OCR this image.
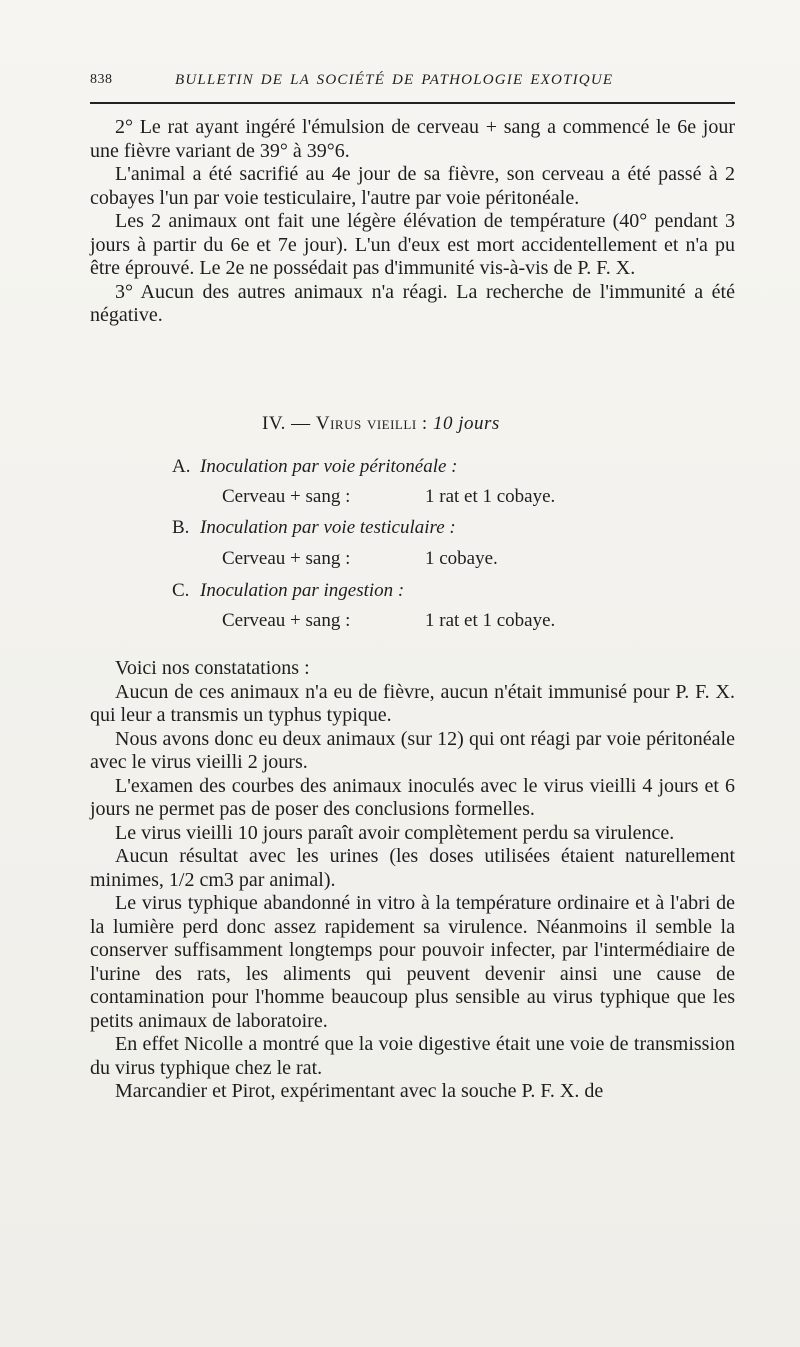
838	BULLETIN DE LA SOCIÉTÉ DE PATHOLOGIE EXOTIQUE

2° Le rat ayant ingéré l'émulsion de cerveau + sang a commencé le 6e jour une fièvre variant de 39° à 39°6.

L'animal a été sacrifié au 4e jour de sa fièvre, son cerveau a été passé à 2 cobayes l'un par voie testiculaire, l'autre par voie péritonéale.

Les 2 animaux ont fait une légère élévation de température (40° pendant 3 jours à partir du 6e et 7e jour). L'un d'eux est mort accidentellement et n'a pu être éprouvé. Le 2e ne possédait pas d'immunité vis-à-vis de P. F. X.

3° Aucun des autres animaux n'a réagi. La recherche de l'immunité a été négative.

IV. — Virus vieilli : 10 jours
A. Inoculation par voie péritonéale :
Cerveau + sang :	1 rat et 1 cobaye.
B. Inoculation par voie testiculaire :
Cerveau + sang :	1 cobaye.
C. Inoculation par ingestion :
Cerveau + sang :	1 rat et 1 cobaye.

Voici nos constatations :

Aucun de ces animaux n'a eu de fièvre, aucun n'était immunisé pour P. F. X. qui leur a transmis un typhus typique.

Nous avons donc eu deux animaux (sur 12) qui ont réagi par voie péritonéale avec le virus vieilli 2 jours.

L'examen des courbes des animaux inoculés avec le virus vieilli 4 jours et 6 jours ne permet pas de poser des conclusions formelles.

Le virus vieilli 10 jours paraît avoir complètement perdu sa virulence.

Aucun résultat avec les urines (les doses utilisées étaient naturellement minimes, 1/2 cm3 par animal).

Le virus typhique abandonné in vitro à la température ordinaire et à l'abri de la lumière perd donc assez rapidement sa virulence. Néanmoins il semble la conserver suffisamment longtemps pour pouvoir infecter, par l'intermédiaire de l'urine des rats, les aliments qui peuvent devenir ainsi une cause de contamination pour l'homme beaucoup plus sensible au virus typhique que les petits animaux de laboratoire.

En effet Nicolle a montré que la voie digestive était une voie de transmission du virus typhique chez le rat.

Marcandier et Pirot, expérimentant avec la souche P. F. X. de
